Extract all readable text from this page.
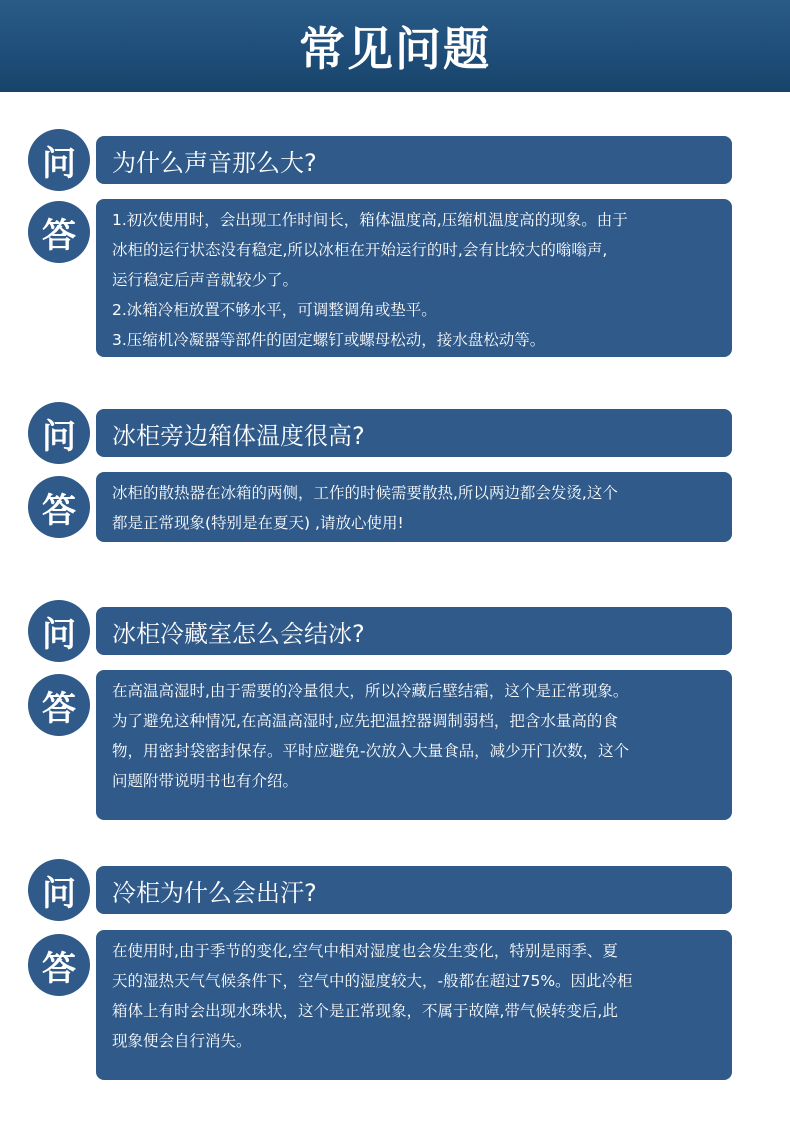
常见问题
问	为什么声音那么大?
答	1.初次使用时，会出现工作时间长，箱体温度高,压缩机温度高的现象。由于

冰柜的运行状态没有稳定,所以冰柜在开始运行的时,会有比较大的嗡嗡声,

运行稳定后声音就较少了。

2.冰箱冷柜放置不够水平，可调整调角或垫平。

3.压缩机冷凝器等部件的固定螺钉或螺母松动，接水盘松动等。

问	冰柜旁边箱体温度很高?
答	冰柜的散热器在冰箱的两侧，工作的时候需要散热,所以两边都会发烫,这个

都是正常现象(特别是在夏天) ,请放心使用!

问	冰柜冷藏室怎么会结冰?
答	在高温高湿时,由于需要的冷量很大，所以冷藏后壁结霜，这个是正常现象。

为了避免这种情况,在高温高湿时,应先把温控器调制弱档，把含水量高的食

物，用密封袋密封保存。平时应避免-次放入大量食品，减少开门次数，这个

问题附带说明书也有介绍。

问	冷柜为什么会出汗?
答	在使用时,由于季节的变化,空气中相对湿度也会发生变化，特别是雨季、夏

天的湿热天气气候条件下，空气中的湿度较大，-般都在超过75%。因此冷柜

箱体上有时会出现水珠状，这个是正常现象，不属于故障,带气候转变后,此

现象便会自行消失。
